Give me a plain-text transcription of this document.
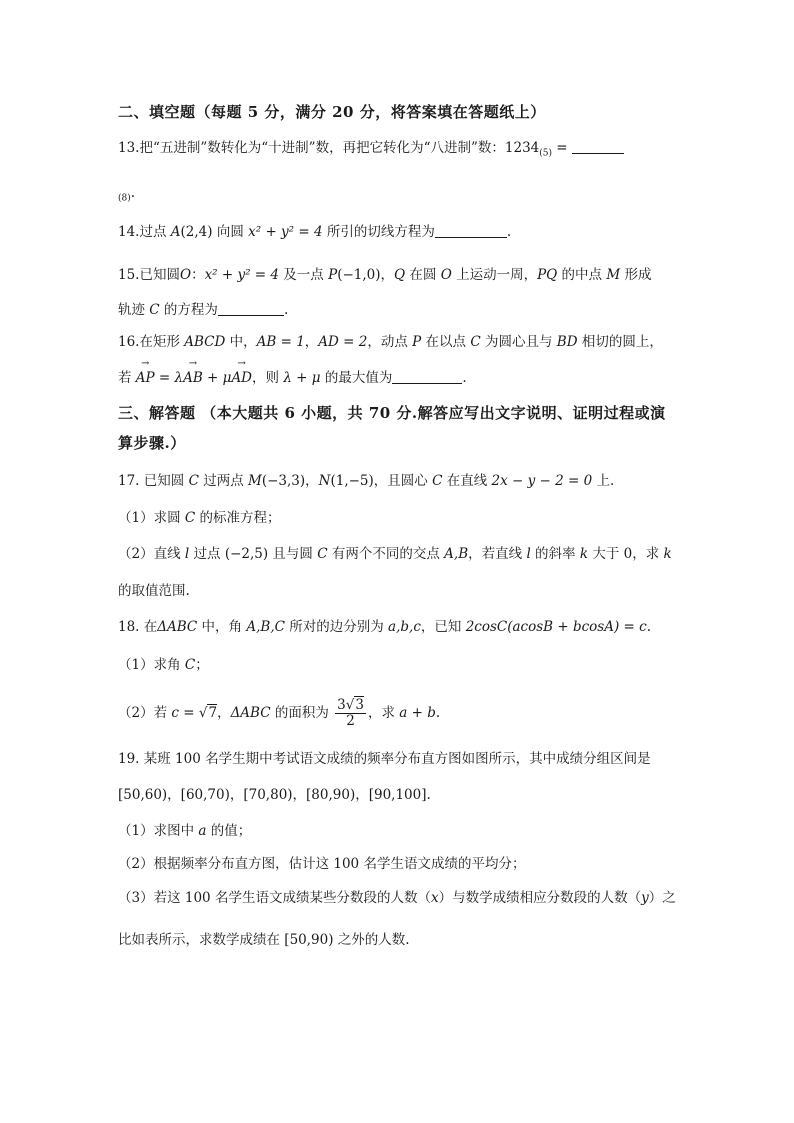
二、填空题（每题 5 分，满分 20 分，将答案填在答题纸上）
13.把“五进制”数转化为“十进制”数，再把它转化为“八进制”数：$1234_{(5)}$ =
$_{(8)}$.
14.过点 A(2,4) 向圆 x² + y² = 4 所引的切线方程为	.
15.已知圆O：x² + y² = 4 及一点 P(−1,0)，Q 在圆 O 上运动一周，PQ 的中点 M 形成
轨迹 C 的方程为	.
16.在矩形 ABCD 中，AB = 1，AD = 2，动点 P 在以点 C 为圆心且与 BD 相切的圆上，
若 → AP = λ→ AB + μ→ AD，则 λ + μ 的最大值为	.
三、解答题 （本大题共 6 小题，共 70 分.解答应写出文字说明、证明过程或演
算步骤.）
17. 已知圆 C 过两点 M(−3,3)，N(1,−5)，且圆心 C 在直线 2x − y − 2 = 0 上.
（1）求圆 C 的标准方程；
（2）直线 l 过点 (−2,5) 且与圆 C 有两个不同的交点 A,B，若直线 l 的斜率 k 大于 0，求 k
的取值范围.
18. 在ΔABC 中，角 A,B,C 所对的边分别为 a,b,c，已知 2cosC(acosB + bcosA) = c.
（1）求角 C；
（2）若 c = √7，ΔABC 的面积为 $\frac{3√3}{2}$ ，求 a + b.
19. 某班 100 名学生期中考试语文成绩的频率分布直方图如图所示，其中成绩分组区间是
[50,60)，[60,70)，[70,80)，[80,90)，[90,100].
（1）求图中 a 的值；
（2）根据频率分布直方图，估计这 100 名学生语文成绩的平均分；
（3）若这 100 名学生语文成绩某些分数段的人数（x）与数学成绩相应分数段的人数（y）之
比如表所示，求数学成绩在 [50,90) 之外的人数.
